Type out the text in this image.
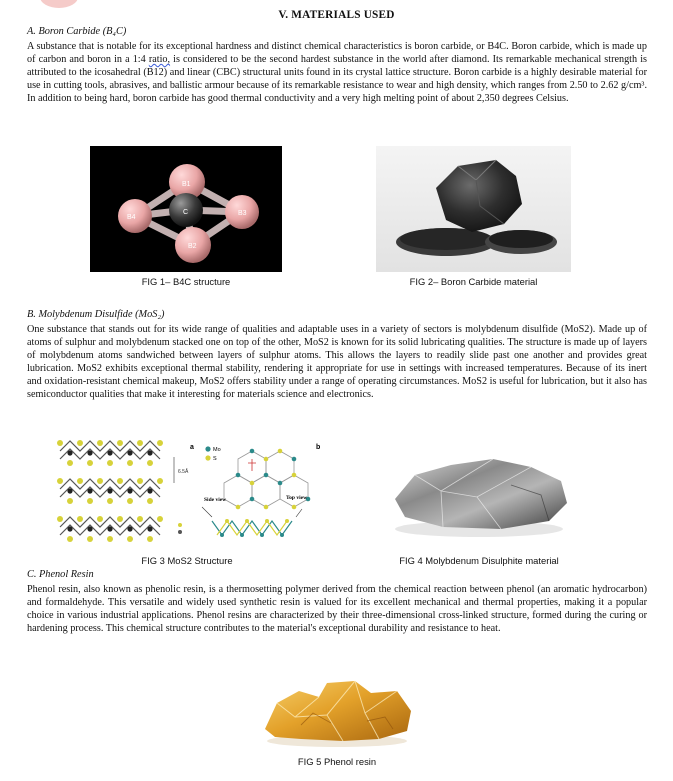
V. MATERIALS USED
A. Boron Carbide (B₄C)

A substance that is notable for its exceptional hardness and distinct chemical characteristics is boron carbide, or B4C. Boron carbide, which is made up of carbon and boron in a 1:4 ratio, is considered to be the second hardest substance in the world after diamond. Its remarkable mechanical strength is attributed to the icosahedral (B12) and linear (CBC) structural units found in its crystal lattice structure. Boron carbide is a highly desirable material for use in cutting tools, abrasives, and ballistic armour because of its remarkable resistance to wear and high density, which ranges from 2.50 to 2.62 g/cm³. In addition to being hard, boron carbide has good thermal conductivity and a very high melting point of about 2,350 degrees Celsius.

B1
B4
C	B3
B2
FIG 1– B4C structure	FIG 2– Boron Carbide material
B. Molybdenum Disulfide (MoS₂)

One substance that stands out for its wide range of qualities and adaptable uses in a variety of sectors is molybdenum disulfide (MoS2). Made up of atoms of sulphur and molybdenum stacked one on top of the other, MoS2 is known for its solid lubricating qualities. The structure is made up of layers of molybdenum atoms sandwiched between layers of sulphur atoms. This allows the layers to readily slide past one another and provides great lubrication. MoS2 exhibits exceptional thermal stability, rendering it appropriate for use in settings with increased temperatures. Because of its inert and oxidation-resistant chemical makeup, MoS2 offers stability under a range of operating circumstances. MoS2 is useful for lubrication, but it also has semiconductor qualities that make it interesting for materials science and electronics.

6.5Å
a	b
Mo
S
Side view	Top view
FIG 3 MoS2 Structure	FIG 4 Molybdenum Disulphite material
C. Phenol Resin

Phenol resin, also known as phenolic resin, is a thermosetting polymer derived from the chemical reaction between phenol (an aromatic hydrocarbon) and formaldehyde. This versatile and widely used synthetic resin is valued for its excellent mechanical and thermal properties, making it a popular choice in various industrial applications. Phenol resins are characterized by their three-dimensional cross-linked structure, formed during the curing or hardening process. This chemical structure contributes to the material's exceptional durability and resistance to heat.

FIG 5 Phenol resin
